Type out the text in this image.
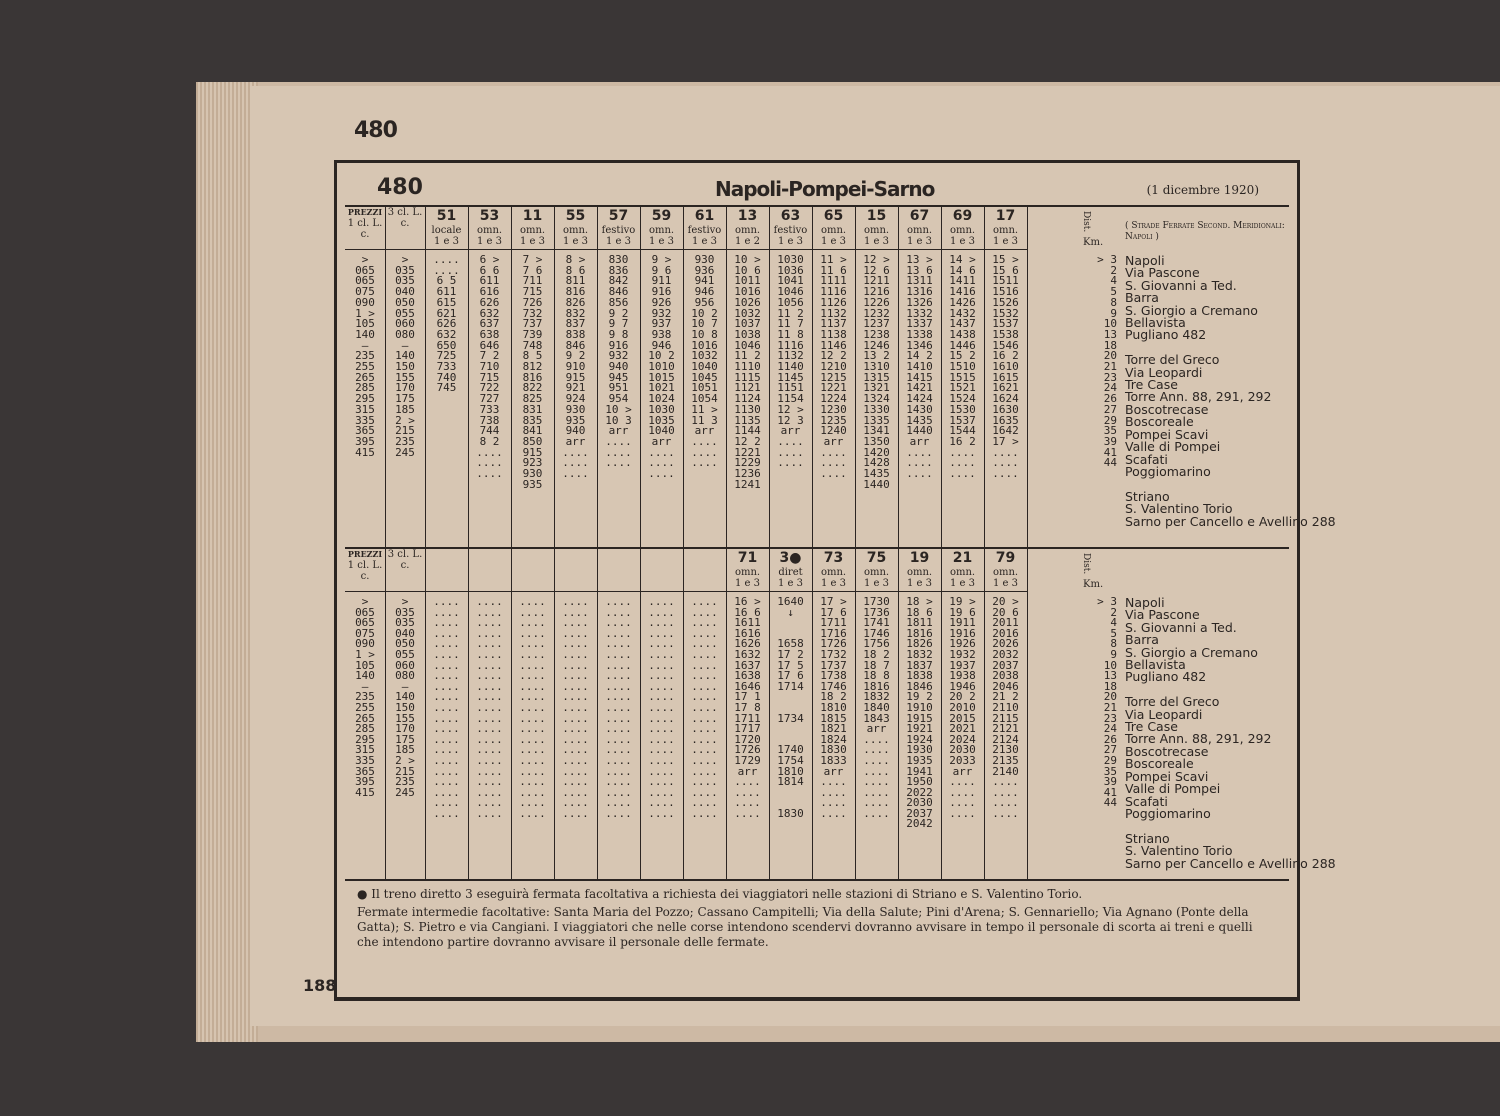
480
188
480	Napoli-Pompei-Sarno	(1 dicembre 1920)
PREZZI
1 cl. L. c.
>
065
065
075
090
1 >
105
140
—
235
255
265
285
295
315
335
365
395
415
3 cl. L. c.
>
035
035
040
050
055
060
080
—
140
150
155
170
175
185
2 >
215
235
245
51
locale
1 e 3
....
....
6 5
611
615
621
626
632
650
725
733
740
745
53
omn.
1 e 3
6 >
6 6
611
616
626
632
637
638
646
7 2
710
715
722
727
733
738
744
8 2
....
....
....
11
omn.
1 e 3
7 >
7 6
711
715
726
732
737
739
748
8 5
812
816
822
825
831
835
841
850
915
923
930
935
55
omn.
1 e 3
8 >
8 6
811
816
826
832
837
838
846
9 2
910
915
921
924
930
935
940
arr
....
....
....
57
festivo
1 e 3
830
836
842
846
856
9 2
9 7
9 8
916
932
940
945
951
954
10 >
10 3
arr
....
....
....
59
omn.
1 e 3
9 >
9 6
911
916
926
932
937
938
946
10 2
1010
1015
1021
1024
1030
1035
1040
arr
....
....
....
61
festivo
1 e 3
930
936
941
946
956
10 2
10 7
10 8
1016
1032
1040
1045
1051
1054
11 >
11 3
arr
....
....
....
13
omn.
1 e 2
10 >
10 6
1011
1016
1026
1032
1037
1038
1046
11 2
1110
1115
1121
1124
1130
1135
1144
12 2
1221
1229
1236
1241
63
festivo
1 e 3
1030
1036
1041
1046
1056
11 2
11 7
11 8
1116
1132
1140
1145
1151
1154
12 >
12 3
arr
....
....
....
65
omn.
1 e 3
11 >
11 6
1111
1116
1126
1132
1137
1138
1146
12 2
1210
1215
1221
1224
1230
1235
1240
arr
....
....
....
15
omn.
1 e 3
12 >
12 6
1211
1216
1226
1232
1237
1238
1246
13 2
1310
1315
1321
1324
1330
1335
1341
1350
1420
1428
1435
1440
67
omn.
1 e 3
13 >
13 6
1311
1316
1326
1332
1337
1338
1346
14 2
1410
1415
1421
1424
1430
1435
1440
arr
....
....
....
69
omn.
1 e 3
14 >
14 6
1411
1416
1426
1432
1437
1438
1446
15 2
1510
1515
1521
1524
1530
1537
1544
16 2
....
....
....
17
omn.
1 e 3
15 >
15 6
1511
1516
1526
1532
1537
1538
1546
16 2
1610
1615
1621
1624
1630
1635
1642
17 >
....
....
....
Dist.
Km.
> 3
2
4
5
8
9
10
13
18
20
21
23
24
26
27
29
35
39
41
44
Napoli
Via Pascone
S. Giovanni a Ted.
Barra
S. Giorgio a Cremano
Bellavista
Pugliano 482

Torre del Greco
Via Leopardi
Tre Case
Torre Ann. 88, 291, 292
Boscotrecase
Boscoreale
Pompei Scavi
Valle di Pompei
Scafati
Poggiomarino

Striano
S. Valentino Torio
Sarno per Cancello e Avellino 288
( Strade Ferrate Second. Meridionali: Napoli )
PREZZI
1 cl. L. c.
>
065
065
075
090
1 >
105
140
—
235
255
265
285
295
315
335
365
395
415
3 cl. L. c.
>
035
035
040
050
055
060
080
—
140
150
155
170
175
185
2 >
215
235
245
....
....
....
....
....
....
....
....
....
....
....
....
....
....
....
....
....
....
....
....
....
....
....
....
....
....
....
....
....
....
....
....
....
....
....
....
....
....
....
....
....
....
....
....
....
....
....
....
....
....
....
....
....
....
....
....
....
....
....
....
....
....
....
....
....
....
....
....
....
....
....
....
....
....
....
....
....
....
....
....
....
....
....
....
....
....
....
....
....
....
....
....
....
....
....
....
....
....
....
....
....
....
....
....
....
....
....
....
....
....
....
....
....
....
....
....
....
....
....
....
....
....
....
....
....
....
....
....
....
....
....
....
....
....
....
....
....
....
....
....
....
....
....
....
....
....
....
71
omn.
1 e 3
16 >
16 6
1611
1616
1626
1632
1637
1638
1646
17 1
17 8
1711
1717
1720
1726
1729
arr
....
....
....
....
3●
diret
1 e 3
1640
↓

1658
17 2
17 5
17 6
1714

1734

1740
1754
1810
1814

1830
73
omn.
1 e 3
17 >
17 6
1711
1716
1726
1732
1737
1738
1746
18 2
1810
1815
1821
1824
1830
1833
arr
....
....
....
....
75
omn.
1 e 3
1730
1736
1741
1746
1756
18 2
18 7
18 8
1816
1832
1840
1843
arr
....
....
....
....
....
....
....
....
19
omn.
1 e 3
18 >
18 6
1811
1816
1826
1832
1837
1838
1846
19 2
1910
1915
1921
1924
1930
1935
1941
1950
2022
2030
2037
2042
21
omn.
1 e 3
19 >
19 6
1911
1916
1926
1932
1937
1938
1946
20 2
2010
2015
2021
2024
2030
2033
arr
....
....
....
....
79
omn.
1 e 3
20 >
20 6
2011
2016
2026
2032
2037
2038
2046
21 2
2110
2115
2121
2124
2130
2135
2140
....
....
....
....
Dist.
Km.
> 3
2
4
5
8
9
10
13
18
20
21
23
24
26
27
29
35
39
41
44
Napoli
Via Pascone
S. Giovanni a Ted.
Barra
S. Giorgio a Cremano
Bellavista
Pugliano 482

Torre del Greco
Via Leopardi
Tre Case
Torre Ann. 88, 291, 292
Boscotrecase
Boscoreale
Pompei Scavi
Valle di Pompei
Scafati
Poggiomarino

Striano
S. Valentino Torio
Sarno per Cancello e Avellino 288

● Il treno diretto 3 eseguirà fermata facoltativa a richiesta dei viaggiatori nelle stazioni di Striano e S. Valentino Torio.

Fermate intermedie facoltative: Santa Maria del Pozzo; Cassano Campitelli; Via della Salute; Pini d'Arena; S. Gennariello; Via Agnano (Ponte della Gatta); S. Pietro e via Cangiani. I viaggiatori che nelle corse intendono scendervi dovranno avvisare in tempo il personale di scorta ai treni e quelli che intendono partire dovranno avvisare il personale delle fermate.
